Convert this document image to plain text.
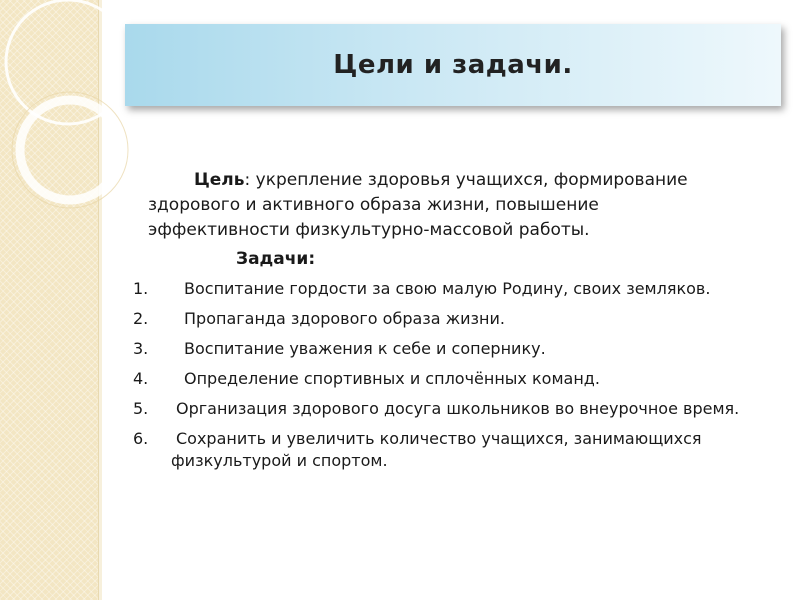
Цели и задачи.
Цель: укрепление здоровья учащихся, формирование
здорового и активного образа жизни, повышение
эффективности физкультурно-массовой работы.
Задачи:
1.	Воспитание гордости за свою малую Родину, своих земляков.
2.	Пропаганда здорового образа жизни.
3.	Воспитание уважения к себе и сопернику.
4.	Определение спортивных и сплочённых команд.
5.	Организация здорового досуга школьников во внеурочное время.
6.	Сохранить и увеличить количество учащихся, занимающихся
физкультурой и спортом.
